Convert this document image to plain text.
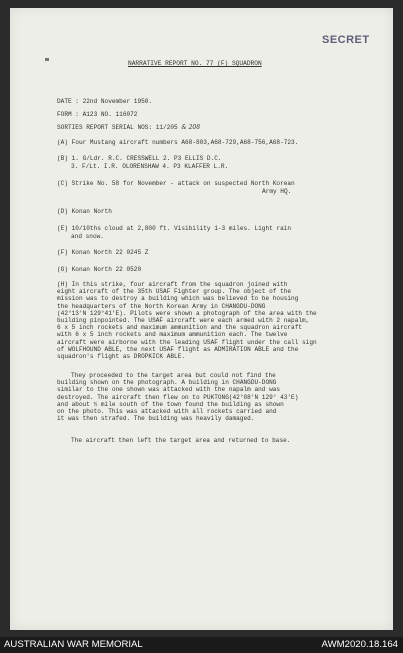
SECRET
NARRATIVE REPORT NO. 77 (F) SQUADRON
DATE : 22nd November 1950.
FORM : A123 NO. 116072
SORTIES REPORT SERIAL NOS: 11/205 & 208
(A) Four Mustang aircraft numbers A68-803,A68-729,A68-756,A68-723.
(B) 1. G/Ldr. R.C. CRESSWELL 2. P3 ELLIS D.C.
3. F/Lt. I.R. OLORENSHAW 4. P3 KLAFFER L.R.
(C) Strike No. 58 for November - attack on suspected North Korean
Army HQ.
(D) Konan North
(E) 10/10ths cloud at 2,800 ft. Visibility 1-3 miles. Light rain
and snow.
(F) Konan North 22 0245 Z
(G) Konan North 22 0520
(H) In this strike, four aircraft from the squadron joined with
eight aircraft of the 35th USAF Fighter group. The object of the
mission was to destroy a building which was believed to be housing
the headquarters of the North Korean Army in CHANGDU-DONG
(42°13'N 129°41'E). Pilots were shown a photograph of the area with the
building pinpointed. The USAF aircraft were each armed with 2 napalm,
6 x 5 inch rockets and maximum ammunition and the squadron aircraft
with 6 x 5 inch rockets and maximum ammunition each. The twelve
aircraft were airborne with the leading USAF flight under the call sign
of WOLFHOUND ABLE, the next USAF flight as ADMIRATION ABLE and the
squadron's flight as DROPKICK ABLE.
They proceeded to the target area but could not find the
building shown on the photograph. A building in CHANGDU-DONG
similar to the one shown was attacked with the napalm and was
destroyed. The aircraft then flew on to PUKTONG(42°08'N 129° 43'E)
and about ½ mile south of the town found the building as shown
on the photo. This was attacked with all rockets carried and
it was then strafed. The building was heavily damaged.
The aircraft then left the target area and returned to base.
AUSTRALIAN WAR MEMORIAL	AWM2020.18.164
